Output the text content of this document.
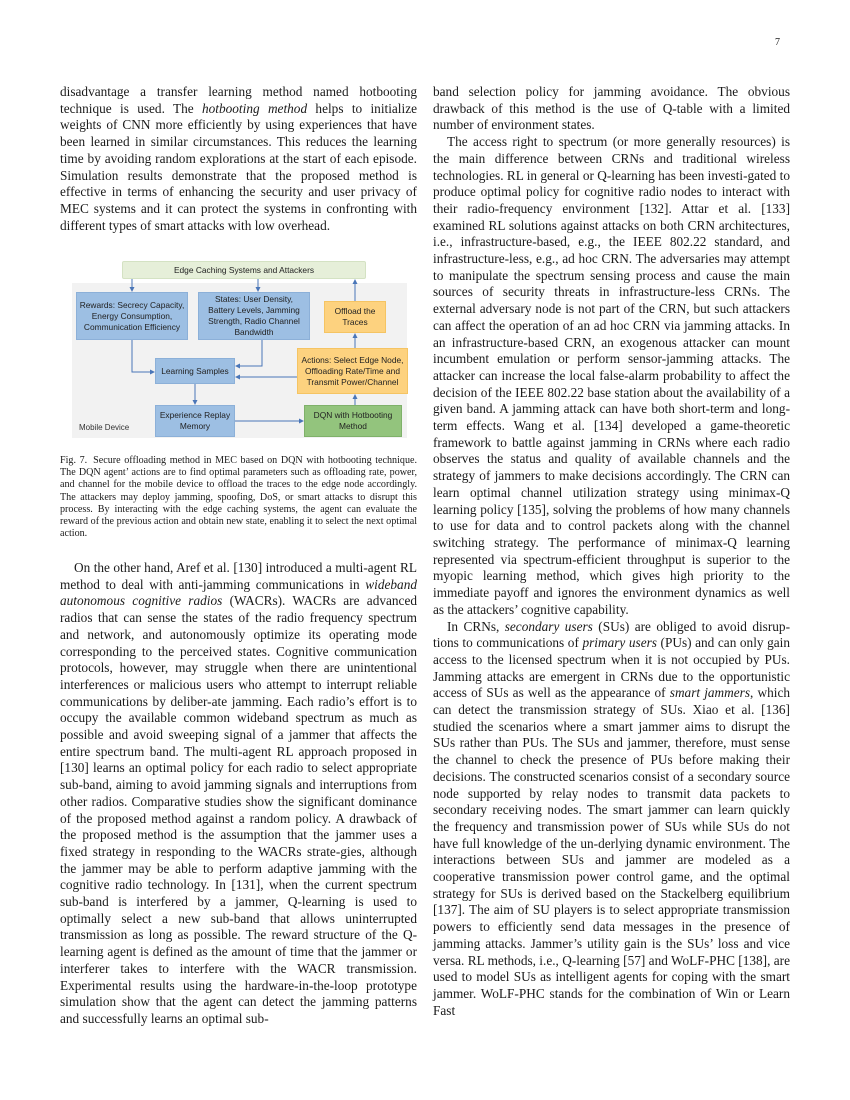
7

disadvantage a transfer learning method named hotbooting technique is used. The hotbooting method helps to initialize weights of CNN more efficiently by using experiences that have been learned in similar circumstances. This reduces the learning time by avoiding random explorations at the start of each episode. Simulation results demonstrate that the proposed method is effective in terms of enhancing the security and user privacy of MEC systems and it can protect the systems in confronting with different types of smart attacks with low overhead.

Edge Caching Systems and Attackers
Rewards: Secrecy Capacity, Energy Consumption, Communication Efficiency
States: User Density, Battery Levels, Jamming Strength, Radio Channel Bandwidth
Offload the Traces
Learning Samples
Actions: Select Edge Node, Offloading Rate/Time and Transmit Power/Channel
Experience Replay Memory
DQN with Hotbooting Method
Mobile Device
Fig. 7. Secure offloading method in MEC based on DQN with hotbooting technique. The DQN agent’ actions are to find optimal parameters such as offloading rate, power, and channel for the mobile device to offload the traces to the edge node accordingly. The attackers may deploy jamming, spoofing, DoS, or smart attacks to disrupt this process. By interacting with the edge caching systems, the agent can evaluate the reward of the previous action and obtain new state, enabling it to select the next optimal action.

On the other hand, Aref et al. [130] introduced a multi-agent RL method to deal with anti-jamming communications in wideband autonomous cognitive radios (WACRs). WACRs are advanced radios that can sense the states of the radio frequency spectrum and network, and autonomously optimize its operating mode corresponding to the perceived states. Cognitive communication protocols, however, may struggle when there are unintentional interferences or malicious users who attempt to interrupt reliable communications by deliber-ate jamming. Each radio’s effort is to occupy the available common wideband spectrum as much as possible and avoid sweeping signal of a jammer that affects the entire spectrum band. The multi-agent RL approach proposed in [130] learns an optimal policy for each radio to select appropriate sub-band, aiming to avoid jamming signals and interruptions from other radios. Comparative studies show the significant dominance of the proposed method against a random policy. A drawback of the proposed method is the assumption that the jammer uses a fixed strategy in responding to the WACRs strate-gies, although the jammer may be able to perform adaptive jamming with the cognitive radio technology. In [131], when the current spectrum sub-band is interfered by a jammer, Q-learning is used to optimally select a new sub-band that allows uninterrupted transmission as long as possible. The reward structure of the Q-learning agent is defined as the amount of time that the jammer or interferer takes to interfere with the WACR transmission. Experimental results using the hardware-in-the-loop prototype simulation show that the agent can detect the jamming patterns and successfully learns an optimal sub-

band selection policy for jamming avoidance. The obvious drawback of this method is the use of Q-table with a limited number of environment states.

The access right to spectrum (or more generally resources) is the main difference between CRNs and traditional wireless technologies. RL in general or Q-learning has been investi-gated to produce optimal policy for cognitive radio nodes to interact with their radio-frequency environment [132]. Attar et al. [133] examined RL solutions against attacks on both CRN architectures, i.e., infrastructure-based, e.g., the IEEE 802.22 standard, and infrastructure-less, e.g., ad hoc CRN. The adversaries may attempt to manipulate the spectrum sensing process and cause the main sources of security threats in infrastructure-less CRNs. The external adversary node is not part of the CRN, but such attackers can affect the operation of an ad hoc CRN via jamming attacks. In an infrastructure-based CRN, an exogenous attacker can mount incumbent emulation or perform sensor-jamming attacks. The attacker can increase the local false-alarm probability to affect the decision of the IEEE 802.22 base station about the availability of a given band. A jamming attack can have both short-term and long-term effects. Wang et al. [134] developed a game-theoretic framework to battle against jamming in CRNs where each radio observes the status and quality of available channels and the strategy of jammers to make decisions accordingly. The CRN can learn optimal channel utilization strategy using minimax-Q learning policy [135], solving the problems of how many channels to use for data and to control packets along with the channel switching strategy. The performance of minimax-Q learning represented via spectrum-efficient throughput is superior to the myopic learning method, which gives high priority to the immediate payoff and ignores the environment dynamics as well as the attackers’ cognitive capability.

In CRNs, secondary users (SUs) are obliged to avoid disrup-tions to communications of primary users (PUs) and can only gain access to the licensed spectrum when it is not occupied by PUs. Jamming attacks are emergent in CRNs due to the opportunistic access of SUs as well as the appearance of smart jammers, which can detect the transmission strategy of SUs. Xiao et al. [136] studied the scenarios where a smart jammer aims to disrupt the SUs rather than PUs. The SUs and jammer, therefore, must sense the channel to check the presence of PUs before making their decisions. The constructed scenarios consist of a secondary source node supported by relay nodes to transmit data packets to secondary receiving nodes. The smart jammer can learn quickly the frequency and transmission power of SUs while SUs do not have full knowledge of the un-derlying dynamic environment. The interactions between SUs and jammer are modeled as a cooperative transmission power control game, and the optimal strategy for SUs is derived based on the Stackelberg equilibrium [137]. The aim of SU players is to select appropriate transmission powers to efficiently send data messages in the presence of jamming attacks. Jammer’s utility gain is the SUs’ loss and vice versa. RL methods, i.e., Q-learning [57] and WoLF-PHC [138], are used to model SUs as intelligent agents for coping with the smart jammer. WoLF-PHC stands for the combination of Win or Learn Fast
